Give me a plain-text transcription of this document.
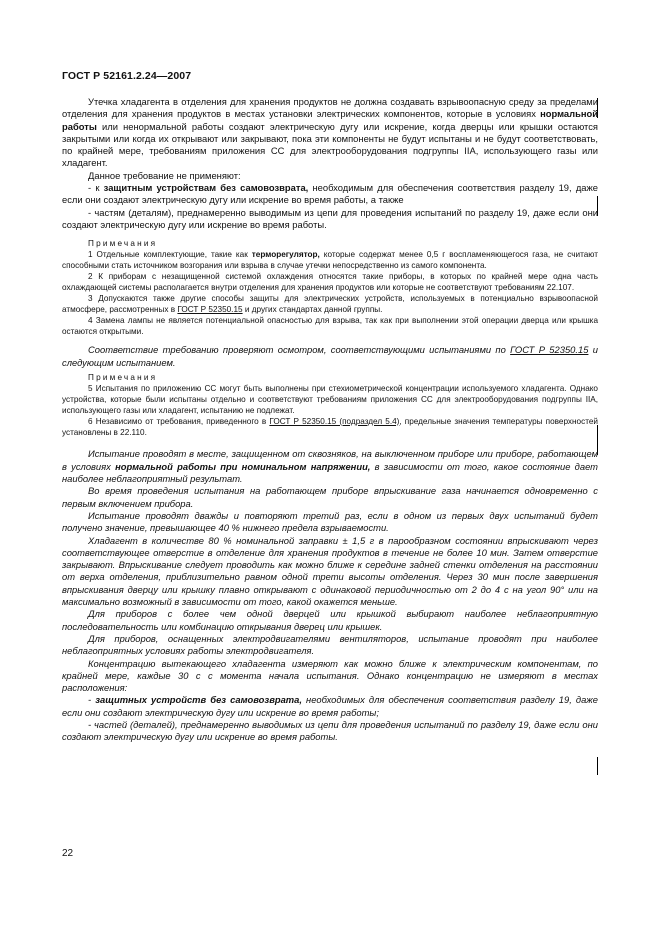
ГОСТ Р 52161.2.24—2007

Утечка хладагента в отделения для хранения продуктов не должна создавать взрывоопасную среду за пределами отделения для хранения продуктов в местах установки электрических компонентов, которые в условиях нормальной работы или ненормальной работы создают электрическую дугу или искрение, когда дверцы или крышки остаются закрытыми или когда их открывают или закрывают, пока эти компоненты не будут испытаны и не будут соответствовать, по крайней мере, требованиям приложения СС для электрооборудования подгруппы IIA, использующего газы или хладагент.

Данное требование не применяют:

- к защитным устройствам без самовозврата, необходимым для обеспечения соответствия разделу 19, даже если они создают электрическую дугу или искрение во время работы, а также

- частям (деталям), преднамеренно выводимым из цепи для проведения испытаний по разделу 19, даже если они создают электрическую дугу или искрение во время работы.

Примечания

1 Отдельные комплектующие, такие как терморегулятор, которые содержат менее 0,5 г воспламеняющегося газа, не считают способными стать источником возгорания или взрыва в случае утечки непосредственно из самого компонента.

2 К приборам с незащищенной системой охлаждения относятся такие приборы, в которых по крайней мере одна часть охлаждающей системы располагается внутри отделения для хранения продуктов или которые не соответствуют требованиям 22.107.

3 Допускаются также другие способы защиты для электрических устройств, используемых в потенциально взрывоопасной атмосфере, рассмотренных в ГОСТ Р 52350.15 и других стандартах данной группы.

4 Замена лампы не является потенциальной опасностью для взрыва, так как при выполнении этой операции дверца или крышка остаются открытыми.

Соответствие требованию проверяют осмотром, соответствующими испытаниями по ГОСТ Р 52350.15 и следующим испытанием.

Примечания

5 Испытания по приложению СС могут быть выполнены при стехиометрической концентрации используемого хладагента. Однако устройства, которые были испытаны отдельно и соответствуют требованиям приложения СС для электрооборудования подгруппы IIA, использующего газы или хладагент, испытанию не подлежат.

6 Независимо от требования, приведенного в ГОСТ Р 52350.15 (подраздел 5.4), предельные значения температуры поверхностей установлены в 22.110.

Испытание проводят в месте, защищенном от сквозняков, на выключенном приборе или приборе, работающем в условиях нормальной работы при номинальном напряжении, в зависимости от того, какое состояние дает наиболее неблагоприятный результат.

Во время проведения испытания на работающем приборе впрыскивание газа начинается одновременно с первым включением прибора.

Испытание проводят дважды и повторяют третий раз, если в одном из первых двух испытаний будет получено значение, превышающее 40 % нижнего предела взрываемости.

Хладагент в количестве 80 % номинальной заправки ± 1,5 г в парообразном состоянии впрыскивают через соответствующее отверстие в отделение для хранения продуктов в течение не более 10 мин. Затем отверстие закрывают. Впрыскивание следует проводить как можно ближе к середине задней стенки отделения на расстоянии от верха отделения, приблизительно равном одной трети высоты отделения. Через 30 мин после завершения впрыскивания дверцу или крышку плавно открывают с одинаковой периодичностью от 2 до 4 с на угол 90° или на максимально возможный в зависимости от того, какой окажется меньше.

Для приборов с более чем одной дверцей или крышкой выбирают наиболее неблагоприятную последовательность или комбинацию открывания дверец или крышек.

Для приборов, оснащенных электродвигателями вентиляторов, испытание проводят при наиболее неблагоприятных условиях работы электродвигателя.

Концентрацию вытекающего хладагента измеряют как можно ближе к электрическим компонентам, по крайней мере, каждые 30 с с момента начала испытания. Однако концентрацию не измеряют в местах расположения:

- защитных устройств без самовозврата, необходимых для обеспечения соответствия разделу 19, даже если они создают электрическую дугу или искрение во время работы;

- частей (деталей), преднамеренно выводимых из цепи для проведения испытаний по разделу 19, даже если они создают электрическую дугу или искрение во время работы.

22
